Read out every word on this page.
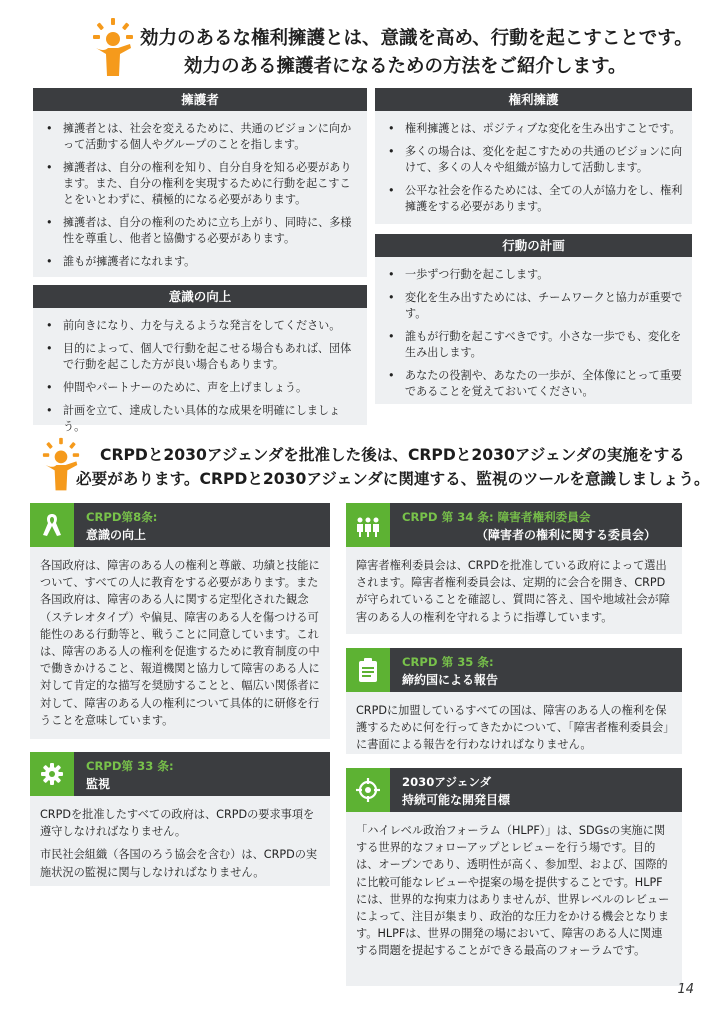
効力のあるな権利擁護とは、意識を高め、行動を起こすことです。
効力のある擁護者になるための方法をご紹介します。
擁護者
• 擁護者とは、社会を変えるために、共通のビジョンに向かって活動する個人やグループのことを指します。
• 擁護者は、自分の権利を知り、自分自身を知る必要があります。また、自分の権利を実現するために行動を起こすことをいとわずに、積極的になる必要があります。
• 擁護者は、自分の権利のために立ち上がり、同時に、多様性を尊重し、他者と協働する必要があります。
• 誰もが擁護者になれます。
権利擁護
• 権利擁護とは、ポジティブな変化を生み出すことです。
• 多くの場合は、変化を起こすための共通のビジョンに向けて、多くの人々や組織が協力して活動します。
• 公平な社会を作るためには、全ての人が協力をし、権利擁護をする必要があります。
意識の向上
• 前向きになり、力を与えるような発言をしてください。
• 目的によって、個人で行動を起こせる場合もあれば、団体で行動を起こした方が良い場合もあります。
• 仲間やパートナーのために、声を上げましょう。
• 計画を立て、達成したい具体的な成果を明確にしましょう。
行動の計画
• 一歩ずつ行動を起こします。
• 変化を生み出すためには、チームワークと協力が重要です。
• 誰もが行動を起こすべきです。小さな一歩でも、変化を生み出します。
• あなたの役割や、あなたの一歩が、全体像にとって重要であることを覚えておいてください。
CRPDと2030アジェンダを批准した後は、CRPDと2030アジェンダの実施をする
必要があります。CRPDと2030アジェンダに関連する、監視のツールを意識しましょう。
CRPD第8条:
意識の向上

各国政府は、障害のある人の権利と尊厳、功績と技能について、すべての人に教育をする必要があります。また各国政府は、障害のある人に関する定型化された観念（ステレオタイプ）や偏見、障害のある人を傷つける可能性のある行動等と、戦うことに同意しています。これは、障害のある人の権利を促進するために教育制度の中で働きかけること、報道機関と協力して障害のある人に対して肯定的な描写を奨励することと、幅広い関係者に対して、障害のある人の権利について具体的に研修を行うことを意味しています。

CRPD第 33 条:
監視

CRPDを批准したすべての政府は、CRPDの要求事項を遵守しなければなりません。

市民社会組織（各国のろう協会を含む）は、CRPDの実施状況の監視に関与しなければなりません。

CRPD 第 34 条: 障害者権利委員会
（障害者の権利に関する委員会）

障害者権利委員会は、CRPDを批准している政府によって選出されます。障害者権利委員会は、定期的に会合を開き、CRPDが守られていることを確認し、質問に答え、国や地域社会が障害のある人の権利を守れるように指導しています。

CRPD 第 35 条:
締約国による報告

CRPDに加盟しているすべての国は、障害のある人の権利を保護するために何を行ってきたかについて、「障害者権利委員会」に書面による報告を行わなければなりません。

2030アジェンダ
持続可能な開発目標

「ハイレベル政治フォーラム（HLPF）」は、SDGsの実施に関する世界的なフォローアップとレビューを行う場です。目的は、オープンであり、透明性が高く、参加型、および、国際的に比較可能なレビューや提案の場を提供することです。HLPFには、世界的な拘束力はありませんが、世界レベルのレビューによって、注目が集まり、政治的な圧力をかける機会となります。HLPFは、世界の開発の場において、障害のある人に関連する問題を提起することができる最高のフォーラムです。

14
